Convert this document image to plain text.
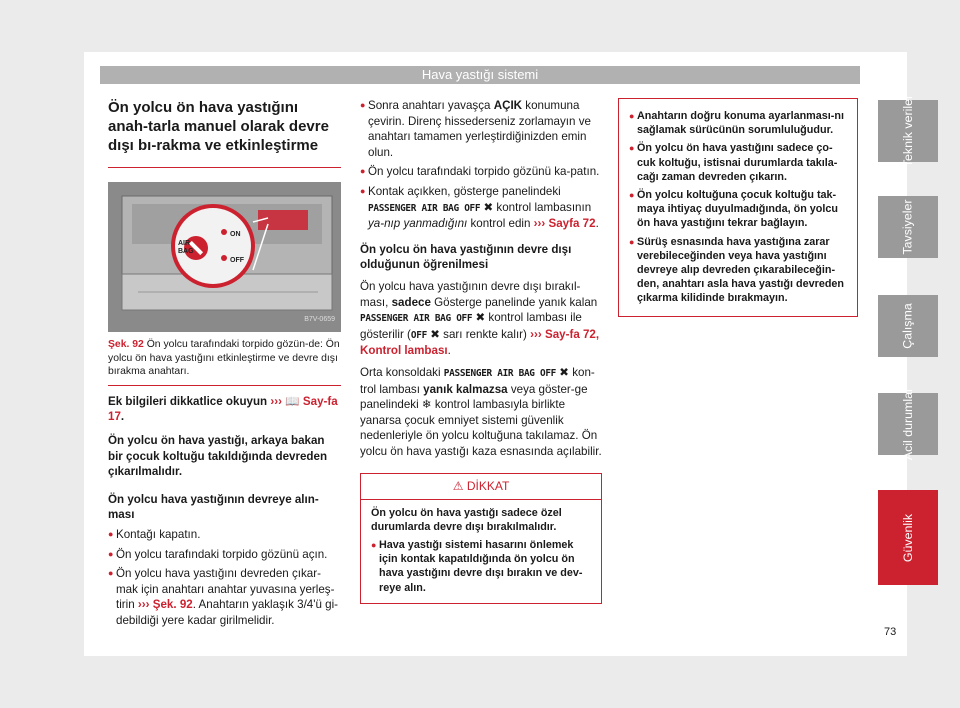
Hava yastığı sistemi
Ön yolcu ön hava yastığını anah-tarla manuel olarak devre dışı bı-rakma ve etkinleştirme
AIR BAG
ON
OFF
B7V-0659
Şek. 92 Ön yolcu tarafındaki torpido gözün-de: Ön yolcu ön hava yastığını etkinleştirme ve devre dışı bırakma anahtarı.

Ek bilgileri dikkatlice okuyun ››› 📖 Say-fa 17.

Ön yolcu ön hava yastığı, arkaya bakan bir çocuk koltuğu takıldığında devreden çıkarılmalıdır.

Ön yolcu hava yastığının devreye alın-ması

● Kontağı kapatın.
● Ön yolcu tarafındaki torpido gözünü açın.
● Ön yolcu hava yastığını devreden çıkar-mak için anahtarı anahtar yuvasına yerleş-tirin ››› Şek. 92. Anahtarın yaklaşık 3/4'ü gi-debildiği yere kadar girilmelidir.
● Sonra anahtarı yavaşça AÇIK konumuna çevirin. Direnç hissederseniz zorlamayın ve anahtarı tamamen yerleştirdiğinizden emin olun.
● Ön yolcu tarafındaki torpido gözünü ka-patın.
● Kontak açıkken, gösterge panelindeki PASSENGER AIR BAG OFF ✖ kontrol lambasının ya-nıp yanmadığını kontrol edin ››› Sayfa 72.

Ön yolcu ön hava yastığının devre dışı olduğunun öğrenilmesi

Ön yolcu hava yastığının devre dışı bırakıl-ması, sadece Gösterge panelinde yanık kalan PASSENGER AIR BAG OFF ✖ kontrol lambası ile gösterilir (OFF ✖ sarı renkte kalır) ››› Say-fa 72, Kontrol lambası.

Orta konsoldaki PASSENGER AIR BAG OFF ✖ kon-trol lambası yanık kalmazsa veya göster-ge panelindeki ❄ kontrol lambasıyla birlikte yanarsa çocuk emniyet sistemi güvenlik nedenleriyle ön yolcu koltuğuna takılamaz. Ön yolcu ön hava yastığı kaza esnasında açılabilir.

⚠ DİKKAT
Ön yolcu ön hava yastığı sadece özel durumlarda devre dışı bırakılmalıdır.
● Hava yastığı sistemi hasarını önlemek için kontak kapatıldığında ön yolcu ön hava yastığını devre dışı bırakın ve dev-reye alın.
● Anahtarın doğru konuma ayarlanması-nı sağlamak sürücünün sorumluluğudur.
● Ön yolcu ön hava yastığını sadece ço-cuk koltuğu, istisnai durumlarda takıla-cağı zaman devreden çıkarın.
● Ön yolcu koltuğuna çocuk koltuğu tak-maya ihtiyaç duyulmadığında, ön yolcu ön hava yastığını tekrar bağlayın.
● Sürüş esnasında hava yastığına zarar verebileceğinden veya hava yastığını devreye alıp devreden çıkarabileceğin-den, anahtarı asla hava yastığı devreden çıkarma kilidinde bırakmayın.
Teknik veriler
Tavsiyeler
Çalışma
Acil durumlar
Güvenlik
73
